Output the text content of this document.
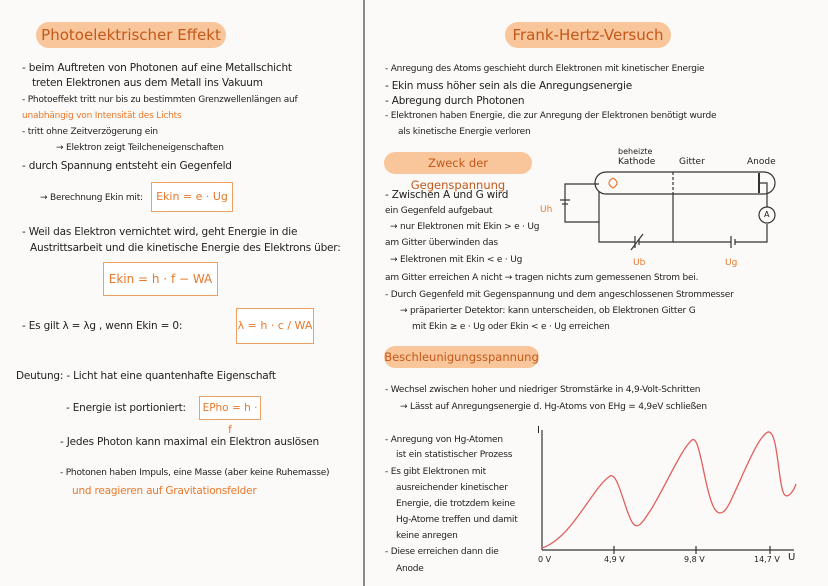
Photoelektrischer Effekt
- beim Auftreten von Photonen auf eine Metallschicht
treten Elektronen aus dem Metall ins Vakuum
- Photoeffekt tritt nur bis zu bestimmten Grenzwellenlängen auf
unabhängig von Intensität des Lichts
- tritt ohne Zeitverzögerung ein
→ Elektron zeigt Teilcheneigenschaften
- durch Spannung entsteht ein Gegenfeld
→ Berechnung Ekin mit:	Ekin = e · Ug
- Weil das Elektron vernichtet wird, geht Energie in die
Austrittsarbeit und die kinetische Energie des Elektrons über:
Ekin = h · f − WA
- Es gilt λ = λg , wenn Ekin = 0:	λ = h · c / WA
Deutung: - Licht hat eine quantenhafte Eigenschaft
- Energie ist portioniert:	EPho = h · f
- Jedes Photon kann maximal ein Elektron auslösen
- Photonen haben Impuls, eine Masse (aber keine Ruhemasse)
und reagieren auf Gravitationsfelder
Frank-Hertz-Versuch
- Anregung des Atoms geschieht durch Elektronen mit kinetischer Energie
- Ekin muss höher sein als die Anregungsenergie
- Abregung durch Photonen
- Elektronen haben Energie, die zur Anregung der Elektronen benötigt wurde
als kinetische Energie verloren
Zweck der Gegenspannung
- Zwischen A und G wird
ein Gegenfeld aufgebaut
→ nur Elektronen mit Ekin > e · Ug
am Gitter überwinden das
→ Elektronen mit Ekin < e · Ug
am Gitter erreichen A nicht → tragen nichts zum gemessenen Strom bei.
- Durch Gegenfeld mit Gegenspannung und dem angeschlossenen Strommesser
→ präparierter Detektor: kann unterscheiden, ob Elektronen Gitter G
mit Ekin ≥ e · Ug oder Ekin < e · Ug erreichen
beheizte
Kathode	Gitter	Anode
Uh
Ub	Ug
A
Beschleunigungsspannung
- Wechsel zwischen hoher und niedriger Stromstärke in 4,9-Volt-Schritten
→ Lässt auf Anregungsenergie d. Hg-Atoms von EHg = 4,9eV schließen
- Anregung von Hg-Atomen
ist ein statistischer Prozess
- Es gibt Elektronen mit
ausreichender kinetischer
Energie, die trotzdem keine
Hg-Atome treffen und damit
keine anregen
- Diese erreichen dann die
Anode
I
U
0 V	4,9 V	9,8 V	14,7 V
